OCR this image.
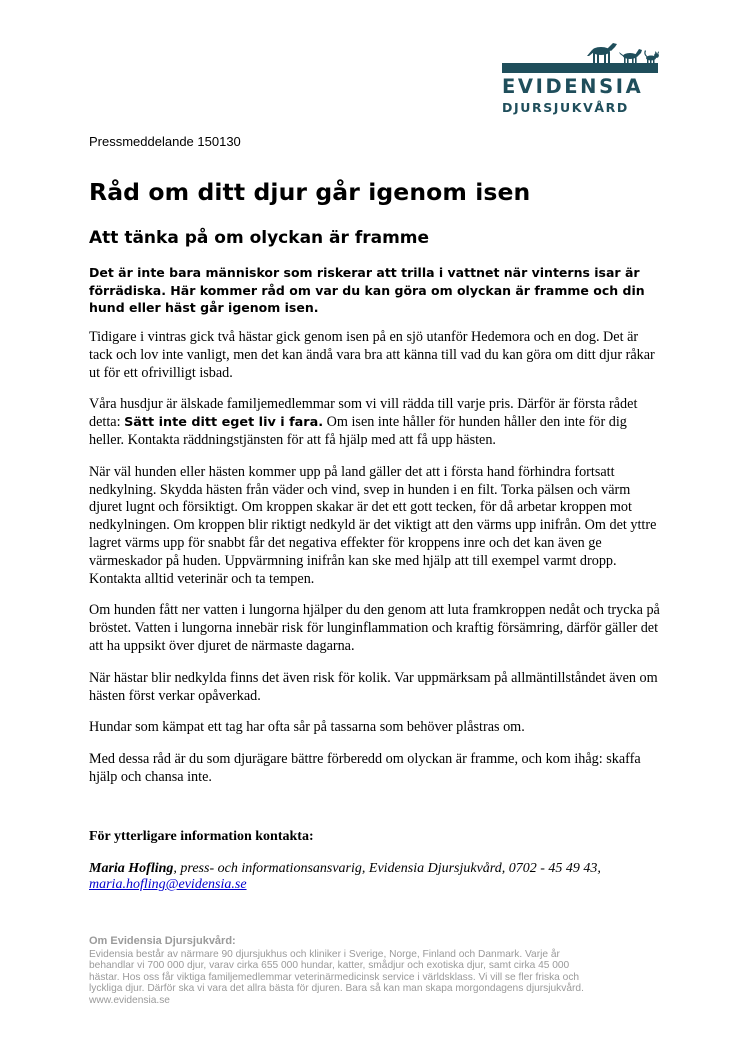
EVIDENSIA
DJURSJUKVÅRD
Pressmeddelande 150130
Råd om ditt djur går igenom isen
Att tänka på om olyckan är framme

Det är inte bara människor som riskerar att trilla i vattnet när vinterns isar är förrädiska. Här kommer råd om var du kan göra om olyckan är framme och din hund eller häst går igenom isen.

Tidigare i vintras gick två hästar gick genom isen på en sjö utanför Hedemora och en dog. Det är tack och lov inte vanligt, men det kan ändå vara bra att känna till vad du kan göra om ditt djur råkar ut för ett ofrivilligt isbad.

Våra husdjur är älskade familjemedlemmar som vi vill rädda till varje pris. Därför är första rådet detta: Sätt inte ditt eget liv i fara. Om isen inte håller för hunden håller den inte för dig heller. Kontakta räddningstjänsten för att få hjälp med att få upp hästen.

När väl hunden eller hästen kommer upp på land gäller det att i första hand förhindra fortsatt nedkylning. Skydda hästen från väder och vind, svep in hunden i en filt. Torka pälsen och värm djuret lugnt och försiktigt. Om kroppen skakar är det ett gott tecken, för då arbetar kroppen mot nedkylningen. Om kroppen blir riktigt nedkyld är det viktigt att den värms upp inifrån. Om det yttre lagret värms upp för snabbt får det negativa effekter för kroppens inre och det kan även ge värmeskador på huden. Uppvärmning inifrån kan ske med hjälp att till exempel varmt dropp. Kontakta alltid veterinär och ta tempen.

Om hunden fått ner vatten i lungorna hjälper du den genom att luta framkroppen nedåt och trycka på bröstet. Vatten i lungorna innebär risk för lunginflammation och kraftig försämring, därför gäller det att ha uppsikt över djuret de närmaste dagarna.

När hästar blir nedkylda finns det även risk för kolik. Var uppmärksam på allmäntillståndet även om hästen först verkar opåverkad.

Hundar som kämpat ett tag har ofta sår på tassarna som behöver plåstras om.

Med dessa råd är du som djurägare bättre förberedd om olyckan är framme, och kom ihåg: skaffa hjälp och chansa inte.

För ytterligare information kontakta:
Maria Hofling, press- och informationsansvarig, Evidensia Djursjukvård, 0702 - 45 49 43,
maria.hofling@evidensia.se
Om Evidensia Djursjukvård:
Evidensia består av närmare 90 djursjukhus och kliniker i Sverige, Norge, Finland och Danmark. Varje år
behandlar vi 700 000 djur, varav cirka 655 000 hundar, katter, smådjur och exotiska djur, samt cirka 45 000
hästar. Hos oss får viktiga familjemedlemmar veterinärmedicinsk service i världsklass. Vi vill se fler friska och
lyckliga djur. Därför ska vi vara det allra bästa för djuren. Bara så kan man skapa morgondagens djursjukvård.
www.evidensia.se
